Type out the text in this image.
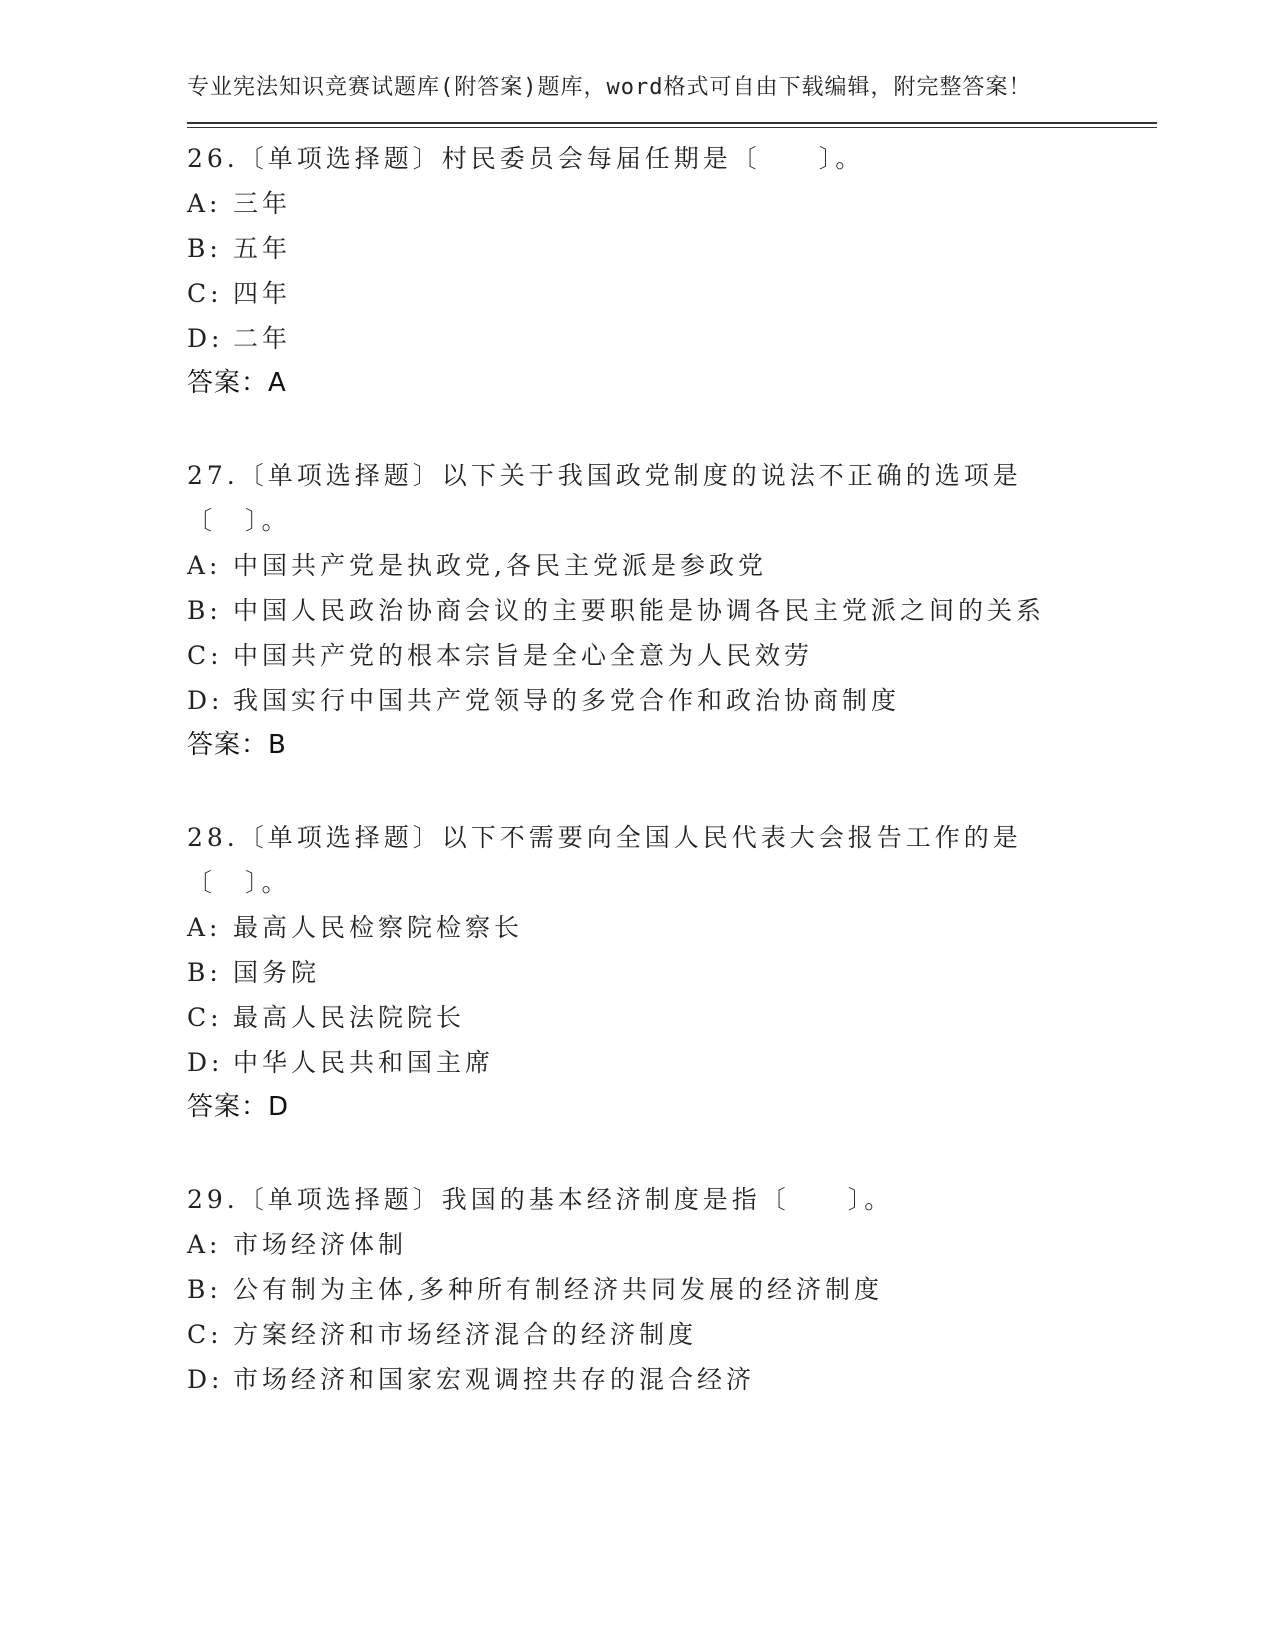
专业宪法知识竞赛试题库(附答案)题库，word格式可自由下载编辑，附完整答案！

26.〔单项选择题〕村民委员会每届任期是〔　　〕。

A: 三年

B: 五年

C: 四年

D: 二年

答案：A

27.〔单项选择题〕以下关于我国政党制度的说法不正确的选项是〔　〕。

A: 中国共产党是执政党,各民主党派是参政党

B: 中国人民政治协商会议的主要职能是协调各民主党派之间的关系

C: 中国共产党的根本宗旨是全心全意为人民效劳

D: 我国实行中国共产党领导的多党合作和政治协商制度

答案：B

28.〔单项选择题〕以下不需要向全国人民代表大会报告工作的是〔　〕。

A: 最高人民检察院检察长

B: 国务院

C: 最高人民法院院长

D: 中华人民共和国主席

答案：D

29.〔单项选择题〕我国的基本经济制度是指〔　　〕。

A: 市场经济体制

B: 公有制为主体,多种所有制经济共同发展的经济制度

C: 方案经济和市场经济混合的经济制度

D: 市场经济和国家宏观调控共存的混合经济
